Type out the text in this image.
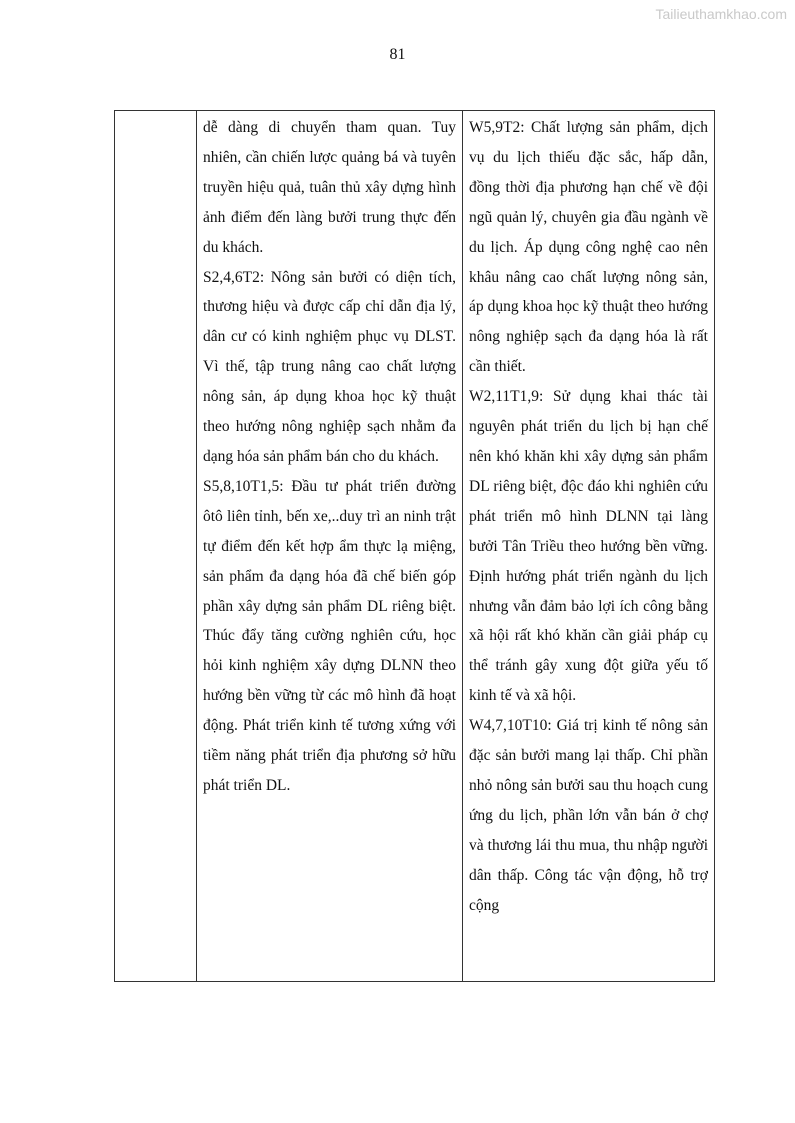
Tailieuthamkhao.com
81

dễ dàng di chuyển tham quan. Tuy nhiên, cần chiến lược quảng bá và tuyên truyền hiệu quả, tuân thủ xây dựng hình ảnh điểm đến làng bưởi trung thực đến du khách.

S2,4,6T2: Nông sản bưởi có diện tích, thương hiệu và được cấp chỉ dẫn địa lý, dân cư có kinh nghiệm phục vụ DLST. Vì thế, tập trung nâng cao chất lượng nông sản, áp dụng khoa học kỹ thuật theo hướng nông nghiệp sạch nhằm đa dạng hóa sản phẩm bán cho du khách.

S5,8,10T1,5: Đầu tư phát triển đường ôtô liên tỉnh, bến xe,..duy trì an ninh trật tự điểm đến kết hợp ẩm thực lạ miệng, sản phẩm đa dạng hóa đã chế biến góp phần xây dựng sản phẩm DL riêng biệt. Thúc đẩy tăng cường nghiên cứu, học hỏi kinh nghiệm xây dựng DLNN theo hướng bền vững từ các mô hình đã hoạt động. Phát triển kinh tế tương xứng với tiềm năng phát triển địa phương sở hữu phát triển DL.

W5,9T2: Chất lượng sản phẩm, dịch vụ du lịch thiếu đặc sắc, hấp dẫn, đồng thời địa phương hạn chế về đội ngũ quản lý, chuyên gia đầu ngành về du lịch. Áp dụng công nghệ cao nên khâu nâng cao chất lượng nông sản, áp dụng khoa học kỹ thuật theo hướng nông nghiệp sạch đa dạng hóa là rất cần thiết.

W2,11T1,9: Sử dụng khai thác tài nguyên phát triển du lịch bị hạn chế nên khó khăn khi xây dựng sản phẩm DL riêng biệt, độc đáo khi nghiên cứu phát triển mô hình DLNN tại làng bưởi Tân Triều theo hướng bền vững. Định hướng phát triển ngành du lịch nhưng vẫn đảm bảo lợi ích công bằng xã hội rất khó khăn cần giải pháp cụ thể tránh gây xung đột giữa yếu tố kinh tế và xã hội.

W4,7,10T10: Giá trị kinh tế nông sản đặc sản bưởi mang lại thấp. Chỉ phần nhỏ nông sản bưởi sau thu hoạch cung ứng du lịch, phần lớn vẫn bán ở chợ và thương lái thu mua, thu nhập người dân thấp. Công tác vận động, hỗ trợ cộng
